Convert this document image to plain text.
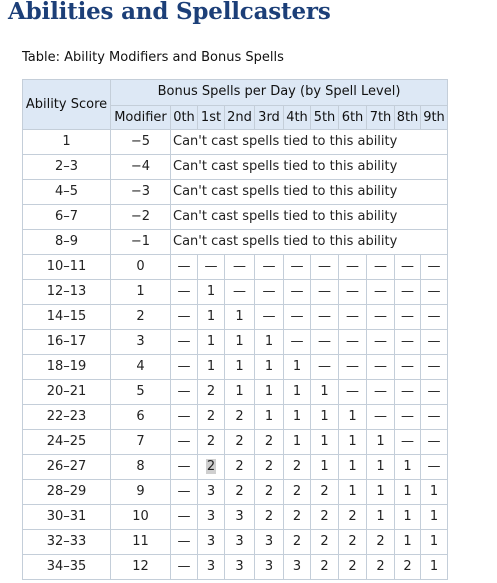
Abilities and Spellcasters
Table: Ability Modifiers and Bonus Spells
Ability Score	Bonus Spells per Day (by Spell Level)										
	Modifier	0th	1st	2nd	3rd	4th	5th	6th	7th	8th	9th
1	−5	Can't cast spells tied to this ability									
2–3	−4	Can't cast spells tied to this ability									
4–5	−3	Can't cast spells tied to this ability									
6–7	−2	Can't cast spells tied to this ability									
8–9	−1	Can't cast spells tied to this ability									
10–11	0	—	—	—	—	—	—	—	—	—	—
12–13	1	—	1	—	—	—	—	—	—	—	—
14–15	2	—	1	1	—	—	—	—	—	—	—
16–17	3	—	1	1	1	—	—	—	—	—	—
18–19	4	—	1	1	1	1	—	—	—	—	—
20–21	5	—	2	1	1	1	1	—	—	—	—
22–23	6	—	2	2	1	1	1	1	—	—	—
24–25	7	—	2	2	2	1	1	1	1	—	—
26–27	8	—	2	2	2	2	1	1	1	1	—
28–29	9	—	3	2	2	2	2	1	1	1	1
30–31	10	—	3	3	2	2	2	2	1	1	1
32–33	11	—	3	3	3	2	2	2	2	1	1
34–35	12	—	3	3	3	3	2	2	2	2	1
